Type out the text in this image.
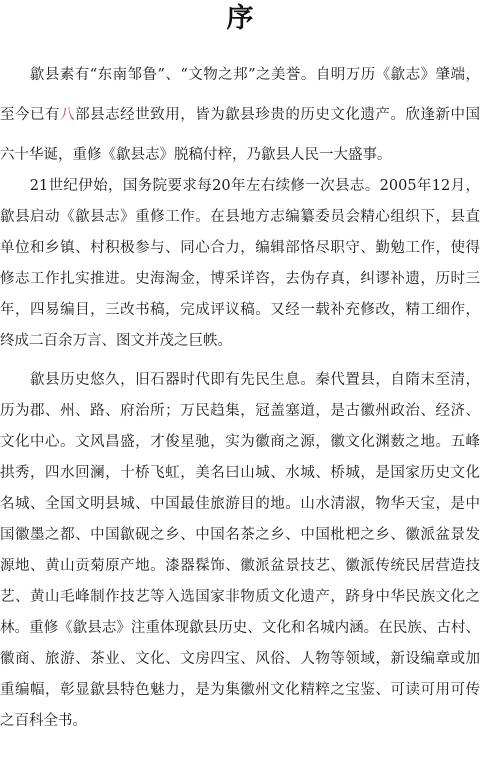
序
　　歙县素有“东南邹鲁”、“文物之邦”之美誉。自明万历《歙志》肇端，
至今已有八部县志经世致用，皆为歙县珍贵的历史文化遗产。欣逢新中国
六十华诞，重修《歙县志》脱稿付梓，乃歙县人民一大盛事。
　　21世纪伊始，国务院要求每20年左右续修一次县志。2005年12月，
歙县启动《歙县志》重修工作。在县地方志编纂委员会精心组织下，县直
单位和乡镇、村积极参与、同心合力，编辑部恪尽职守、勤勉工作，使得
修志工作扎实推进。史海淘金，博采详咨，去伪存真，纠谬补遗，历时三
年，四易编目，三改书稿，完成评议稿。又经一载补充修改，精工细作，
终成二百余万言、图文并茂之巨帙。
　　歙县历史悠久，旧石器时代即有先民生息。秦代置县，自隋末至清，
历为郡、州、路、府治所；万民趋集，冠盖塞道，是古徽州政治、经济、
文化中心。文风昌盛，才俊星驰，实为徽商之源，徽文化渊薮之地。五峰
拱秀，四水回澜，十桥飞虹，美名曰山城、水城、桥城，是国家历史文化
名城、全国文明县城、中国最佳旅游目的地。山水清淑，物华天宝，是中
国徽墨之都、中国歙砚之乡、中国名茶之乡、中国枇杷之乡、徽派盆景发
源地、黄山贡菊原产地。漆器髹饰、徽派盆景技艺、徽派传统民居营造技
艺、黄山毛峰制作技艺等入选国家非物质文化遗产，跻身中华民族文化之
林。重修《歙县志》注重体现歙县历史、文化和名城内涵。在民族、古村、
徽商、旅游、茶业、文化、文房四宝、风俗、人物等领域，新设编章或加
重编幅，彰显歙县特色魅力，是为集徽州文化精粹之宝鉴、可读可用可传
之百科全书。
